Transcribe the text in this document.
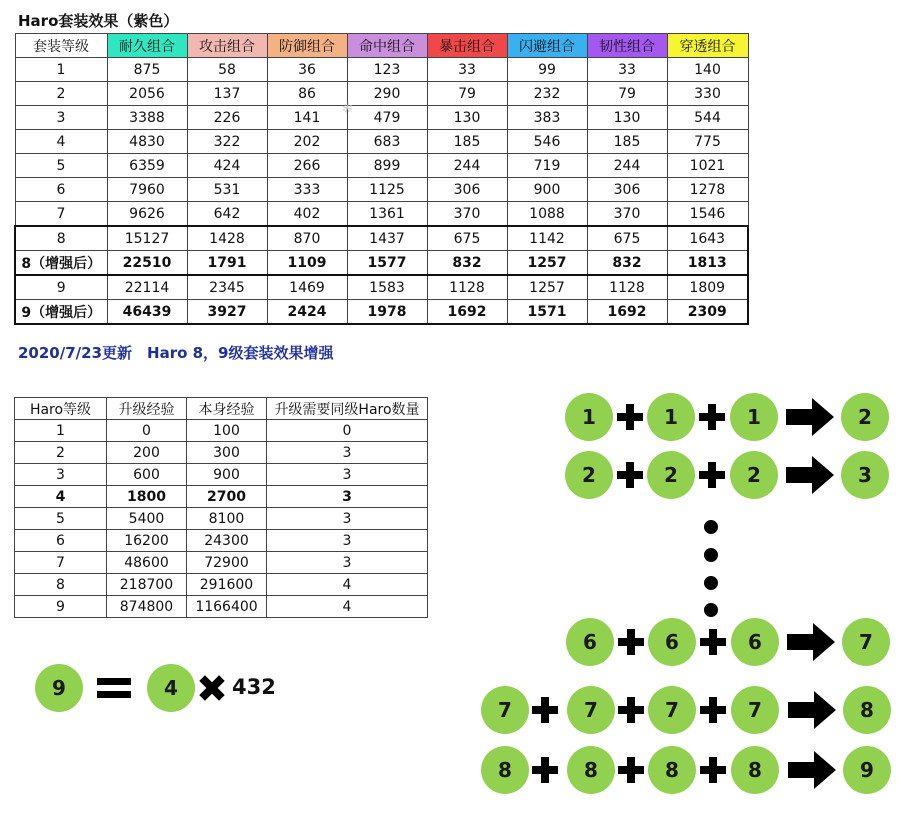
Haro套装效果（紫色）
套装等级	耐久组合	攻击组合	防御组合	命中组合	暴击组合	闪避组合	韧性组合	穿透组合
1	875	58	36	123	33	99	33	140
2	2056	137	86	290	79	232	79	330
3	3388	226	141	479	130	383	130	544
4	4830	322	202	683	185	546	185	775
5	6359	424	266	899	244	719	244	1021
6	7960	531	333	1125	306	900	306	1278
7	9626	642	402	1361	370	1088	370	1546
8	15127	1428	870	1437	675	1142	675	1643
8（增强后）	22510	1791	1109	1577	832	1257	832	1813
9	22114	2345	1469	1583	1128	1257	1128	1809
9（增强后）	46439	3927	2424	1978	1692	1571	1692	2309
2020/7/23更新　Haro 8，9级套装效果增强
Haro等级	升级经验	本身经验	升级需要同级Haro数量
1	0	100	0
2	200	300	3
3	600	900	3
4	1800	2700	3
5	5400	8100	3
6	16200	24300	3
7	48600	72900	3
8	218700	291600	4
9	874800	1166400	4
9	4	432
1	1	1	2
2	2	2	3
6	6	6	7
7	7	7	7	8
8	8	8	8	9
※
